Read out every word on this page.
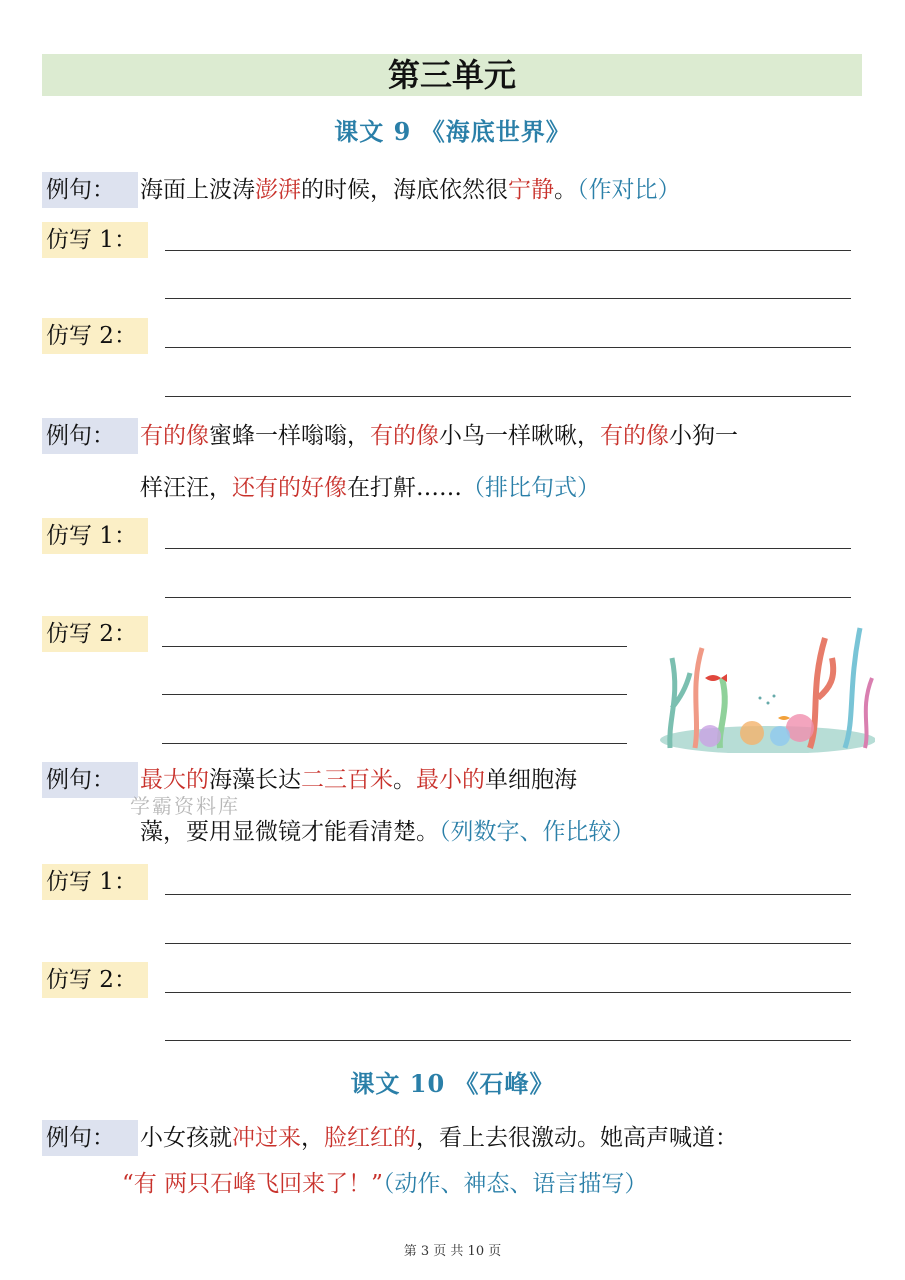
第三单元
课文 9 《海底世界》
例句：	海面上波涛澎湃的时候，海底依然很宁静。（作对比）
仿写 1：
仿写 2：
例句：	有的像蜜蜂一样嗡嗡，有的像小鸟一样啾啾，有的像小狗一
样汪汪，还有的好像在打鼾……（排比句式）
仿写 1：
仿写 2：
例句：	最大的海藻长达二三百米。最小的单细胞海
学霸资料库
藻，要用显微镜才能看清楚。（列数字、作比较）
仿写 1：
仿写 2：
课文 10 《石峰》
例句：	小女孩就冲过来，脸红红的，看上去很激动。她高声喊道：
“有 两只石峰飞回来了！”（动作、神态、语言描写）
第 3 页 共 10 页
